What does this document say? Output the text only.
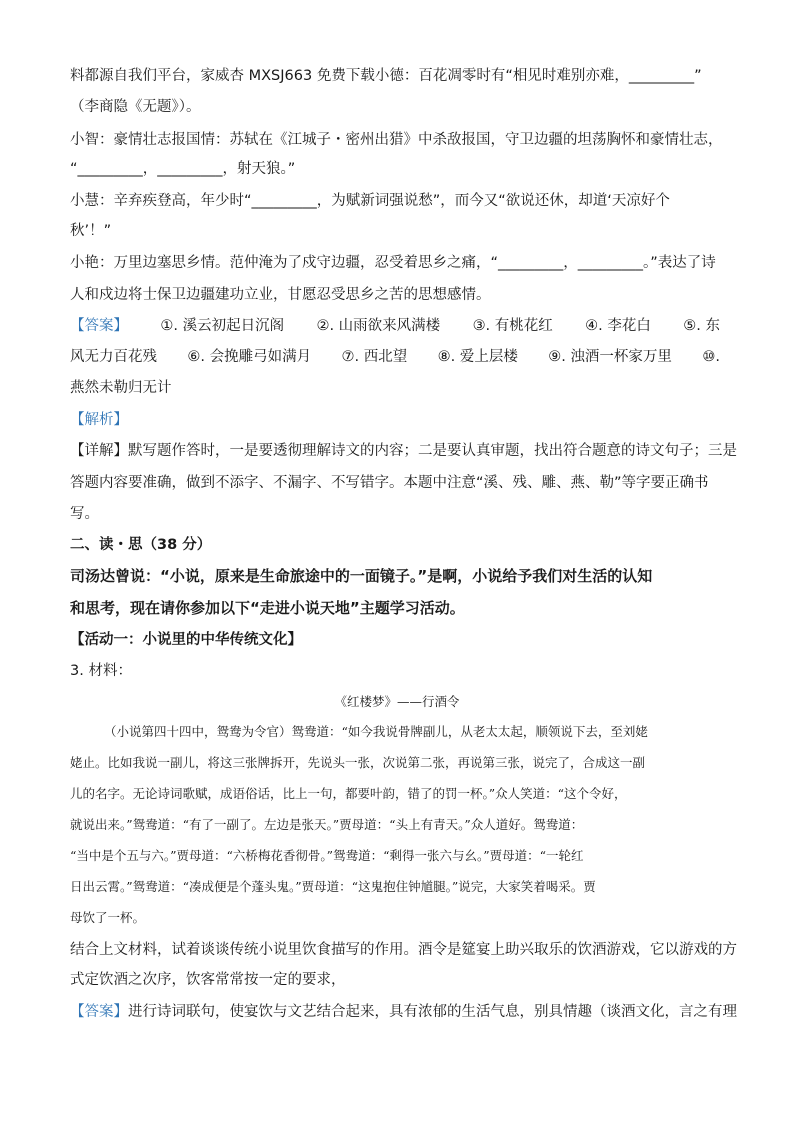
料都源自我们平台，家威杏 MXSJ663 免费下载小德：百花凋零时有“相见时难别亦难，_________”
（李商隐《无题》）。
小智：豪情壮志报国情：苏轼在《江城子・密州出猎》中杀敌报国，守卫边疆的坦荡胸怀和豪情壮志，
“_________，_________，射天狼。”
小慧：辛弃疾登高，年少时“_________，为赋新词强说愁”，而今又“欲说还休，却道‘天凉好个
秋’！”
小艳：万里边塞思乡情。范仲淹为了戍守边疆，忍受着思乡之痛，“_________，_________。”表达了诗
人和戍边将士保卫边疆建功立业，甘愿忍受思乡之苦的思想感情。
【答案】 ①. 溪云初起日沉阁 ②. 山雨欲来风满楼 ③. 有桃花红 ④. 李花白 ⑤. 东
风无力百花残 ⑥. 会挽雕弓如满月 ⑦. 西北望 ⑧. 爱上层楼 ⑨. 浊酒一杯家万里 ⑩.
燕然未勒归无计
【解析】
【详解】默写题作答时，一是要透彻理解诗文的内容；二是要认真审题，找出符合题意的诗文句子；三是
答题内容要准确，做到不添字、不漏字、不写错字。本题中注意“溪、残、雕、燕、勒”等字要正确书
写。
二、读・思（38 分）
司汤达曾说：“小说，原来是生命旅途中的一面镜子。”是啊，小说给予我们对生活的认知
和思考，现在请你参加以下“走进小说天地”主题学习活动。
【活动一：小说里的中华传统文化】
3. 材料：
《红楼梦》——行酒令
（小说第四十四中，鸳鸯为令官）鸳鸯道：“如今我说骨牌副儿，从老太太起，顺领说下去，至刘姥
姥止。比如我说一副儿，将这三张牌拆开，先说头一张，次说第二张，再说第三张，说完了，合成这一副
儿的名字。无论诗词歌赋，成语俗话，比上一句，都要叶韵，错了的罚一杯。”众人笑道：“这个令好，
就说出来。”鸳鸯道：“有了一副了。左边是张天。”贾母道：“头上有青天。”众人道好。鸳鸯道：
“当中是个五与六。”贾母道：“六桥梅花香彻骨。”鸳鸯道：“剩得一张六与幺。”贾母道：“一轮红
日出云霄。”鸳鸯道：“凑成便是个蓬头鬼。”贾母道：“这鬼抱住钟馗腿。”说完，大家笑着喝采。贾
母饮了一杯。
结合上文材料，试着谈谈传统小说里饮食描写的作用。酒令是筵宴上助兴取乐的饮酒游戏，它以游戏的方
式定饮酒之次序，饮客常常按一定的要求，
【答案】进行诗词联句，使宴饮与文艺结合起来，具有浓郁的生活气息，别具情趣（谈酒文化，言之有理
